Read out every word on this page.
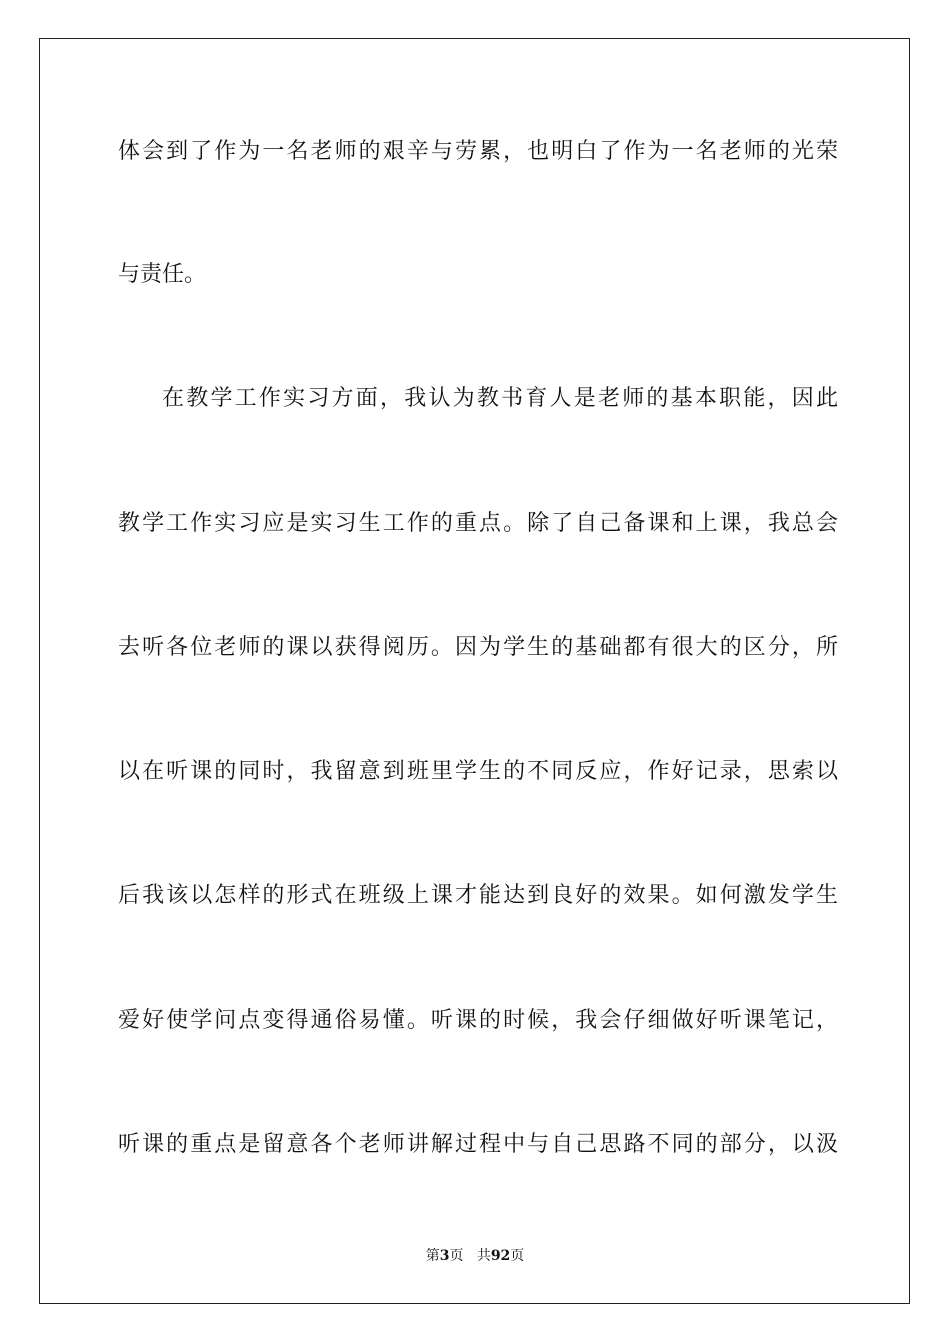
体会到了作为一名老师的艰辛与劳累，也明白了作为一名老师的光荣
与责任。
在教学工作实习方面，我认为教书育人是老师的基本职能，因此
教学工作实习应是实习生工作的重点。除了自己备课和上课，我总会
去听各位老师的课以获得阅历。因为学生的基础都有很大的区分，所
以在听课的同时，我留意到班里学生的不同反应，作好记录，思索以
后我该以怎样的形式在班级上课才能达到良好的效果。如何激发学生
爱好使学问点变得通俗易懂。听课的时候，我会仔细做好听课笔记，
听课的重点是留意各个老师讲解过程中与自己思路不同的部分，以汲
第3页 共92页
